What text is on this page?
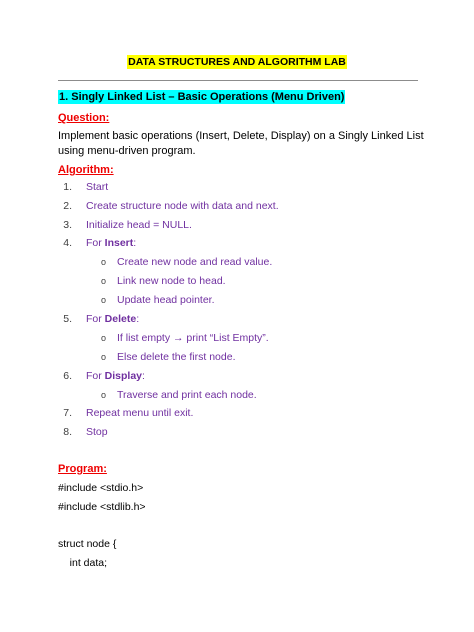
DATA STRUCTURES AND ALGORITHM LAB
1. Singly Linked List – Basic Operations (Menu Driven)
Question:
Implement basic operations (Insert, Delete, Display) on a Singly Linked List using menu-driven program.
Algorithm:
1. Start
2. Create structure node with data and next.
3. Initialize head = NULL.
4. For Insert:
o Create new node and read value.
o Link new node to head.
o Update head pointer.
5. For Delete:
o If list empty → print “List Empty”.
o Else delete the first node.
6. For Display:
o Traverse and print each node.
7. Repeat menu until exit.
8. Stop
Program:
#include <stdio.h>
#include <stdlib.h>
struct node {
int data;
